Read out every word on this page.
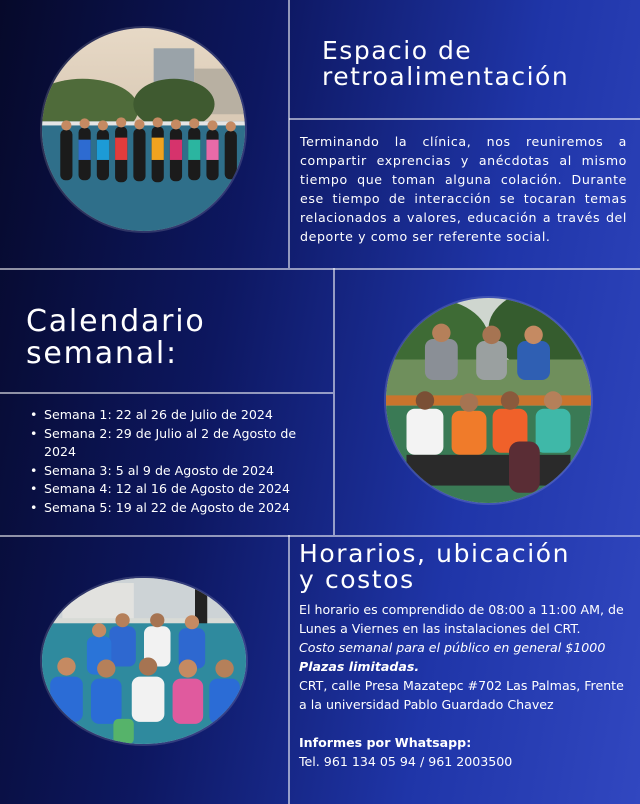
Espacio de
retroalimentación

Terminando la clínica, nos reuniremos a compartir exprencias y anécdotas al mismo tiempo que toman alguna colación. Durante ese tiempo de interacción se tocaran temas relacionados a valores, educación a través del deporte y como ser referente social.

Calendario
semanal:
• Semana 1: 22 al 26 de Julio de 2024
• Semana 2: 29 de Julio al 2 de Agosto de 2024
• Semana 3: 5 al 9 de Agosto de 2024
• Semana 4: 12 al 16 de Agosto de 2024
• Semana 5: 19 al 22 de Agosto de 2024
Horarios, ubicación
y costos

El horario es comprendido de 08:00 a 11:00 AM, de Lunes a Viernes en las instalaciones del CRT.

Costo semanal para el público en general $1000

Plazas limitadas.

CRT, calle Presa Mazatepc #702 Las Palmas, Frente a la universidad Pablo Guardado Chavez

Informes por Whatsapp:

Tel. 961 134 05 94 / 961 2003500
